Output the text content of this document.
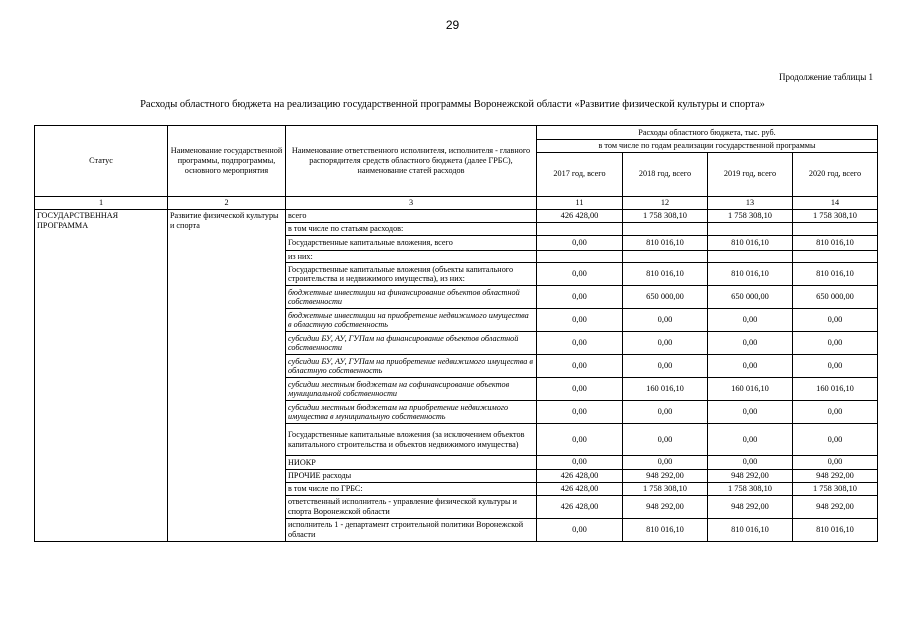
29
Продолжение таблицы 1
Расходы областного бюджета на реализацию государственной программы Воронежской области «Развитие физической культуры и спорта»
Статус	Наименование государственной программы, подпрограммы, основного мероприятия	Наименование ответственного исполнителя, исполнителя - главного распорядителя средств областного бюджета (далее ГРБС), наименование статей расходов	Расходы областного бюджета, тыс. руб.			
			в том числе по годам реализации государственной программы			
			2017 год, всего	2018 год, всего	2019 год, всего	2020 год, всего
1	2	3	11	12	13	14
ГОСУДАРСТВЕННАЯ ПРОГРАММА	Развитие физической культуры и спорта	всего	426 428,00	1 758 308,10	1 758 308,10	1 758 308,10
		в том числе по статьям расходов:				
		Государственные капитальные вложения, всего	0,00	810 016,10	810 016,10	810 016,10
		из них:				
		Государственные капитальные вложения (объекты капитального строительства и недвижимого имущества), из них:	0,00	810 016,10	810 016,10	810 016,10
		бюджетные инвестиции на финансирование объектов областной собственности	0,00	650 000,00	650 000,00	650 000,00
		бюджетные инвестиции на приобретение недвижимого имущества в областную собственность	0,00	0,00	0,00	0,00
		субсидии БУ, АУ, ГУПам на финансирование объектов областной собственности	0,00	0,00	0,00	0,00
		субсидии БУ, АУ, ГУПам на приобретение недвижимого имущества в областную собственность	0,00	0,00	0,00	0,00
		субсидии местным бюджетам на софинансирование объектов муниципальной собственности	0,00	160 016,10	160 016,10	160 016,10
		субсидии местным бюджетам на приобретение недвижимого имущества в муниципальную собственность	0,00	0,00	0,00	0,00
		Государственные капитальные вложения (за исключением объектов капитального строительства и объектов недвижимого имущества)	0,00	0,00	0,00	0,00
		НИОКР	0,00	0,00	0,00	0,00
		ПРОЧИЕ расходы	426 428,00	948 292,00	948 292,00	948 292,00
		в том числе по ГРБС:	426 428,00	1 758 308,10	1 758 308,10	1 758 308,10
		ответственный исполнитель - управление физической культуры и спорта Воронежской области	426 428,00	948 292,00	948 292,00	948 292,00
		исполнитель 1 - департамент строительной политики Воронежской области	0,00	810 016,10	810 016,10	810 016,10
